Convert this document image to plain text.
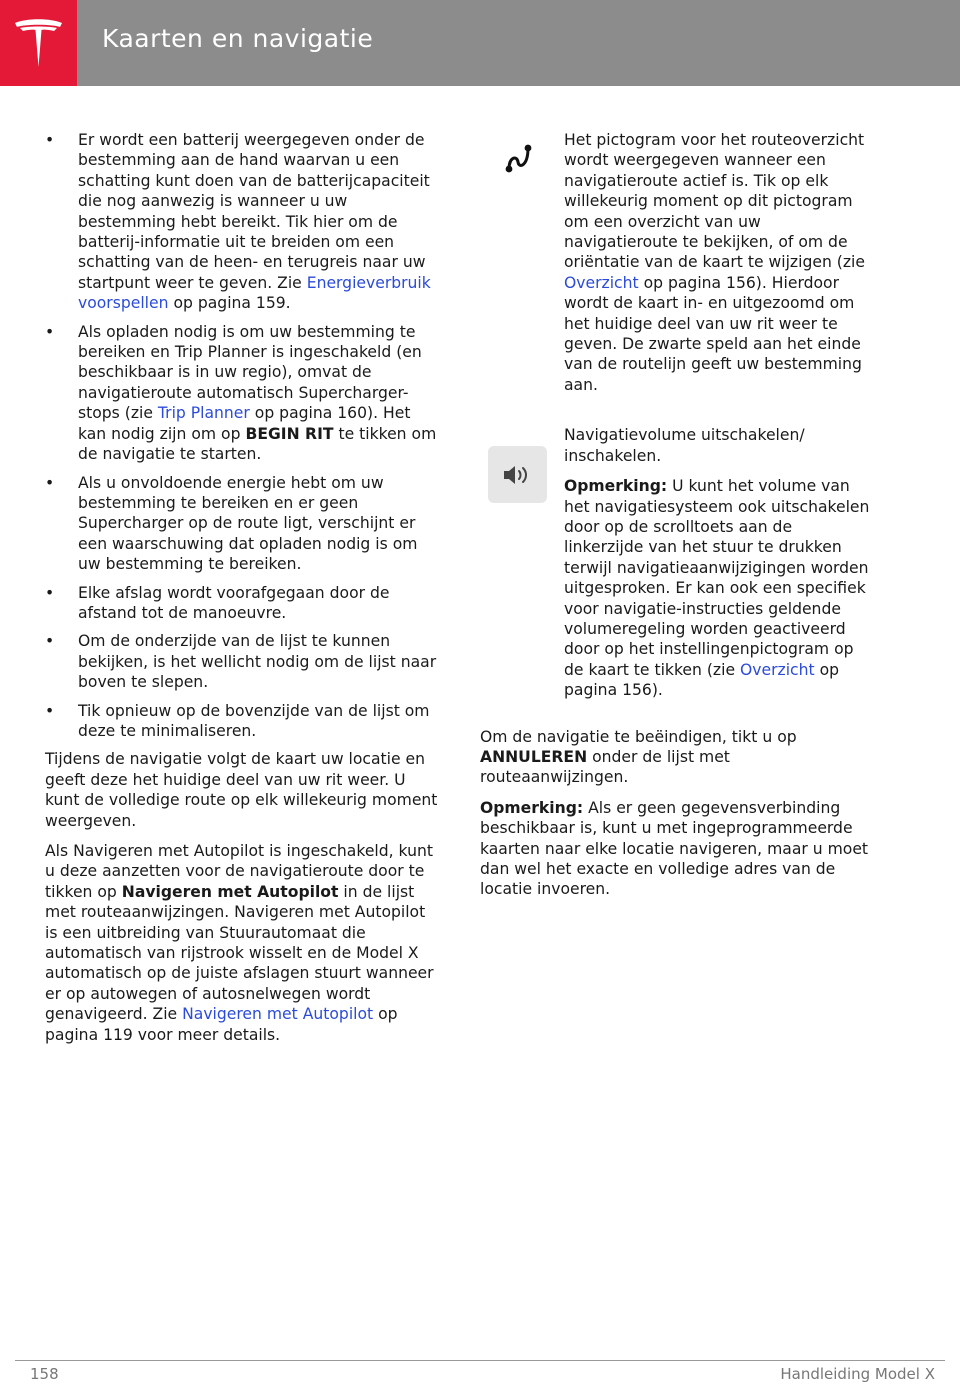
Kaarten en navigatie
• Er wordt een batterij weergegeven onder de bestemming aan de hand waarvan u een schatting kunt doen van de batterijcapaciteit die nog aanwezig is wanneer u uw bestemming hebt bereikt. Tik hier om de batterij-informatie uit te breiden om een schatting van de heen- en terugreis naar uw startpunt weer te geven. Zie Energieverbruik voorspellen op pagina 159.
• Als opladen nodig is om uw bestemming te bereiken en Trip Planner is ingeschakeld (en beschikbaar is in uw regio), omvat de navigatieroute automatisch Supercharger-stops (zie Trip Planner op pagina 160). Het kan nodig zijn om op BEGIN RIT te tikken om de navigatie te starten.
• Als u onvoldoende energie hebt om uw bestemming te bereiken en er geen Supercharger op de route ligt, verschijnt er een waarschuwing dat opladen nodig is om uw bestemming te bereiken.
• Elke afslag wordt voorafgegaan door de afstand tot de manoeuvre.
• Om de onderzijde van de lijst te kunnen bekijken, is het wellicht nodig om de lijst naar boven te slepen.
• Tik opnieuw op de bovenzijde van de lijst om deze te minimaliseren.

Tijdens de navigatie volgt de kaart uw locatie en geeft deze het huidige deel van uw rit weer. U kunt de volledige route op elk willekeurig moment weergeven.

Als Navigeren met Autopilot is ingeschakeld, kunt u deze aanzetten voor de navigatieroute door te tikken op Navigeren met Autopilot in de lijst met routeaanwijzingen. Navigeren met Autopilot is een uitbreiding van Stuurautomaat die automatisch van rijstrook wisselt en de Model X automatisch op de juiste afslagen stuurt wanneer er op autowegen of autosnelwegen wordt genavigeerd. Zie Navigeren met Autopilot op pagina 119 voor meer details.

Het pictogram voor het routeoverzicht wordt weergegeven wanneer een navigatieroute actief is. Tik op elk willekeurig moment op dit pictogram om een overzicht van uw navigatieroute te bekijken, of om de oriëntatie van de kaart te wijzigen (zie Overzicht op pagina 156). Hierdoor wordt de kaart in- en uitgezoomd om het huidige deel van uw rit weer te geven. De zwarte speld aan het einde van de routelijn geeft uw bestemming aan.

Navigatievolume uitschakelen/ inschakelen.

Opmerking: U kunt het volume van het navigatiesysteem ook uitschakelen door op de scrolltoets aan de linkerzijde van het stuur te drukken terwijl navigatieaanwijzigingen worden uitgesproken. Er kan ook een specifiek voor navigatie-instructies geldende volumeregeling worden geactiveerd door op het instellingenpictogram op de kaart te tikken (zie Overzicht op pagina 156).

Om de navigatie te beëindigen, tikt u op ANNULEREN onder de lijst met routeaanwijzingen.

Opmerking: Als er geen gegevensverbinding beschikbaar is, kunt u met ingeprogrammeerde kaarten naar elke locatie navigeren, maar u moet dan wel het exacte en volledige adres van de locatie invoeren.

158	Handleiding Model X
